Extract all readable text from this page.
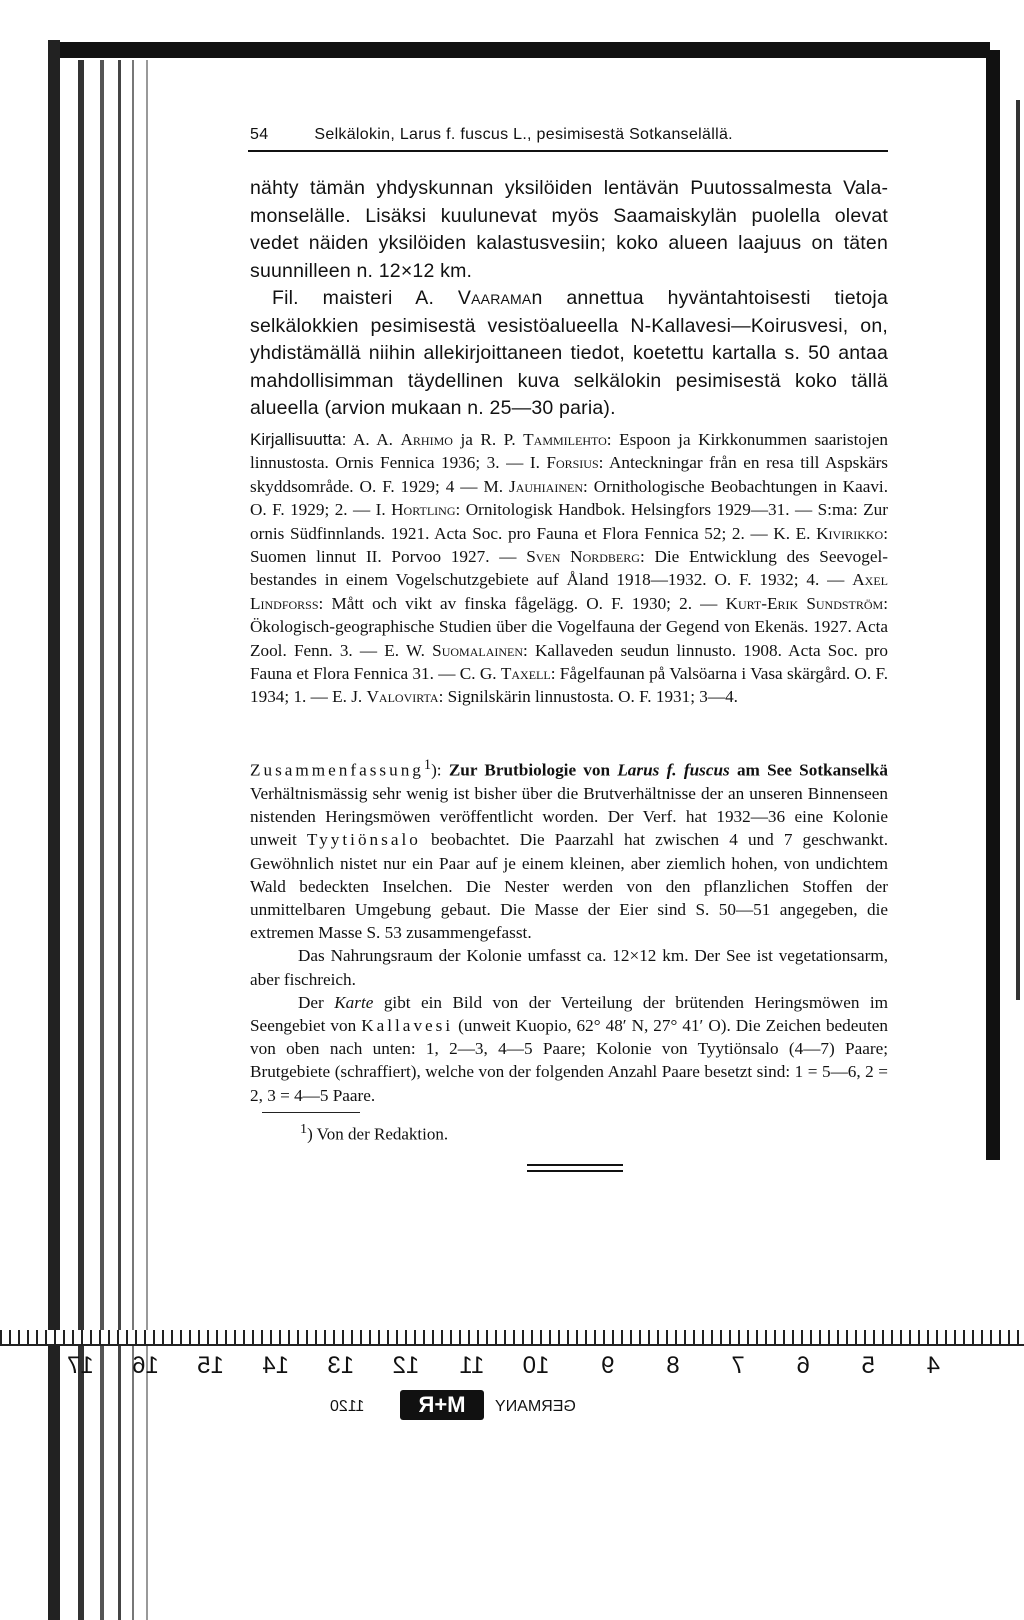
54	Selkälokin, Larus f. fuscus L., pesimisestä Sotkanselällä.

nähty tämän yhdyskunnan yksilöiden lentävän Puutossalmesta Valamonselälle. Lisäksi kuulunevat myös Saamaiskylän puolella olevat vedet näiden yksilöiden kalastusvesiin; koko alueen laajuus on täten suunnilleen n. 12×12 km.

Fil. maisteri A. Vaaraman annettua hyväntahtoisesti tietoja selkälokkien pesimisestä vesistöalueella N-Kallavesi—Koirusvesi, on, yhdistämällä niihin allekirjoittaneen tiedot, koetettu kartalla s. 50 antaa mahdollisimman täydellinen kuva selkälokin pesimisestä koko tällä alueella (arvion mukaan n. 25—30 paria).

Kirjallisuutta: A. A. Arhimo ja R. P. Tammilehto: Espoon ja Kirkkonummen saaristojen linnustosta. Ornis Fennica 1936; 3. — I. Forsius: Anteckningar från en resa till Aspskärs skyddsområde. O. F. 1929; 4 — M. Jauhiainen: Ornithologische Beobachtungen in Kaavi. O. F. 1929; 2. — I. Hortling: Ornitologisk Handbok. Helsingfors 1929—31. — S:ma: Zur ornis Südfinnlands. 1921. Acta Soc. pro Fauna et Flora Fennica 52; 2. — K. E. Kivirikko: Suomen linnut II. Porvoo 1927. — Sven Nordberg: Die Entwicklung des Seevogelbestandes in einem Vogelschutzgebiete auf Åland 1918—1932. O. F. 1932; 4. — Axel Lindforss: Mått och vikt av finska fågelägg. O. F. 1930; 2. — Kurt-Erik Sundström: Ökologisch-geographische Studien über die Vogelfauna der Gegend von Ekenäs. 1927. Acta Zool. Fenn. 3. — E. W. Suomalainen: Kallaveden seudun linnusto. 1908. Acta Soc. pro Fauna et Flora Fennica 31. — C. G. Taxell: Fågelfaunan på Valsöarna i Vasa skärgård. O. F. 1934; 1. — E. J. Valovirta: Signilskärin linnustosta. O. F. 1931; 3—4.

Zusammenfassung$^1$): Zur Brutbiologie von Larus f. fuscus am See Sotkanselkä Verhältnismässig sehr wenig ist bisher über die Brutverhältnisse der an unseren Binnenseen nistenden Heringsmöwen veröffentlicht worden. Der Verf. hat 1932—36 eine Kolonie unweit Tyytiönsalo beobachtet. Die Paarzahl hat zwischen 4 und 7 geschwankt. Gewöhnlich nistet nur ein Paar auf je einem kleinen, aber ziemlich hohen, von undichtem Wald bedeckten Inselchen. Die Nester werden von den pflanzlichen Stoffen der unmittelbaren Umgebung gebaut. Die Masse der Eier sind S. 50—51 angegeben, die extremen Masse S. 53 zusammengefasst.

Das Nahrungsraum der Kolonie umfasst ca. 12×12 km. Der See ist vegetationsarm, aber fischreich.

Der Karte gibt ein Bild von der Verteilung der brütenden Heringsmöwen im Seengebiet von Kallavesi (unweit Kuopio, 62° 48′ N, 27° 41′ O). Die Zeichen bedeuten von oben nach unten: 1, 2—3, 4—5 Paare; Kolonie von Tyytiönsalo (4—7) Paare; Brutgebiete (schraffiert), welche von der folgenden Anzahl Paare besetzt sind: 1 = 5—6, 2 = 2, 3 = 4—5 Paare.

$^1$) Von der Redaktion.
4
5
6
7
8
9
10
11
12
13
14
15
16
17
M+R
1120	GERMANY
